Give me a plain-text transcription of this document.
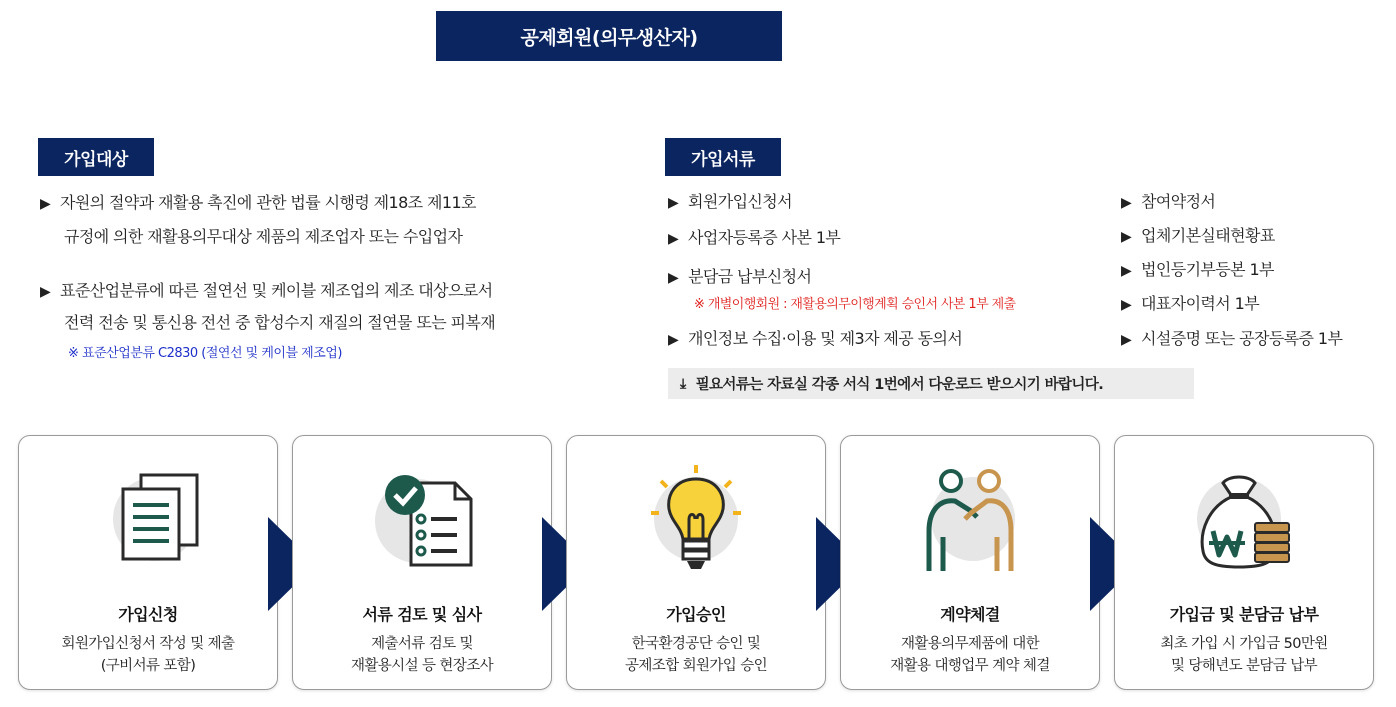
공제회원(의무생산자)
가입대상
▶ 자원의 절약과 재활용 촉진에 관한 법률 시행령 제18조 제11호
규정에 의한 재활용의무대상 제품의 제조업자 또는 수입업자
▶ 표준산업분류에 따른 절연선 및 케이블 제조업의 제조 대상으로서
전력 전송 및 통신용 전선 중 합성수지 재질의 절연물 또는 피복재
※ 표준산업분류 C2830 (절연선 및 케이블 제조업)
가입서류
▶ 회원가입신청서
▶ 사업자등록증 사본 1부
▶ 분담금 납부신청서
※ 개별이행회원 : 재활용의무이행계획 승인서 사본 1부 제출
▶ 개인정보 수집·이용 및 제3자 제공 동의서
▶ 참여약정서
▶ 업체기본실태현황표
▶ 법인등기부등본 1부
▶ 대표자이력서 1부
▶ 시설증명 또는 공장등록증 1부
⤓ 필요서류는 자료실 각종 서식 1번에서 다운로드 받으시기 바랍니다.
가입신청
회원가입신청서 작성 및 제출
(구비서류 포함)
서류 검토 및 심사
제출서류 검토 및
재활용시설 등 현장조사
가입승인
한국환경공단 승인 및
공제조합 회원가입 승인
계약체결
재활용의무제품에 대한
재활용 대행업무 계약 체결
가입금 및 분담금 납부
최초 가입 시 가입금 50만원
및 당해년도 분담금 납부
